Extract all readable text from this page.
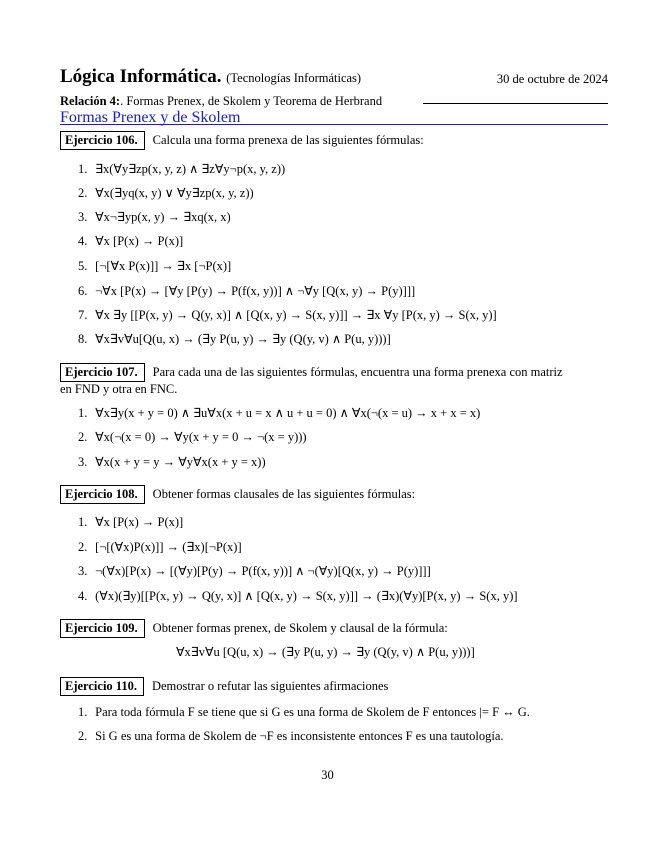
Lógica Informática. (Tecnologías Informáticas)	30 de octubre de 2024
Relación 4:. Formas Prenex, de Skolem y Teorema de Herbrand
Formas Prenex y de Skolem
Ejercicio 106. Calcula una forma prenexa de las siguientes fórmulas:
1. ∃x(∀y∃zp(x, y, z) ∧ ∃z∀y¬p(x, y, z))
2. ∀x(∃yq(x, y) ∨ ∀y∃zp(x, y, z))
3. ∀x¬∃yp(x, y) → ∃xq(x, x)
4. ∀x [P(x) → P(x)]
5. [¬[∀x P(x)]] → ∃x [¬P(x)]
6. ¬∀x [P(x) → [∀y [P(y) → P(f(x, y))] ∧ ¬∀y [Q(x, y) → P(y)]]]
7. ∀x ∃y [[P(x, y) → Q(y, x)] ∧ [Q(x, y) → S(x, y)]] → ∃x ∀y [P(x, y) → S(x, y)]
8. ∀x∃v∀u[Q(u, x) → (∃y P(u, y) → ∃y (Q(y, v) ∧ P(u, y)))]
Ejercicio 107. Para cada una de las siguientes fórmulas, encuentra una forma prenexa con matriz
en FND y otra en FNC.
1. ∀x∃y(x + y = 0) ∧ ∃u∀x(x + u = x ∧ u + u = 0) ∧ ∀x(¬(x = u) → x + x = x)
2. ∀x(¬(x = 0) → ∀y(x + y = 0 → ¬(x = y)))
3. ∀x(x + y = y → ∀y∀x(x + y = x))
Ejercicio 108. Obtener formas clausales de las siguientes fórmulas:
1. ∀x [P(x) → P(x)]
2. [¬[(∀x)P(x)]] → (∃x)[¬P(x)]
3. ¬(∀x)[P(x) → [(∀y)[P(y) → P(f(x, y))] ∧ ¬(∀y)[Q(x, y) → P(y)]]]
4. (∀x)(∃y)[[P(x, y) → Q(y, x)] ∧ [Q(x, y) → S(x, y)]] → (∃x)(∀y)[P(x, y) → S(x, y)]
Ejercicio 109. Obtener formas prenex, de Skolem y clausal de la fórmula:
∀x∃v∀u [Q(u, x) → (∃y P(u, y) → ∃y (Q(y, v) ∧ P(u, y)))]
Ejercicio 110. Demostrar o refutar las siguientes afirmaciones
1. Para toda fórmula F se tiene que si G es una forma de Skolem de F entonces |= F ↔ G.
2. Si G es una forma de Skolem de ¬F es inconsistente entonces F es una tautología.
30
